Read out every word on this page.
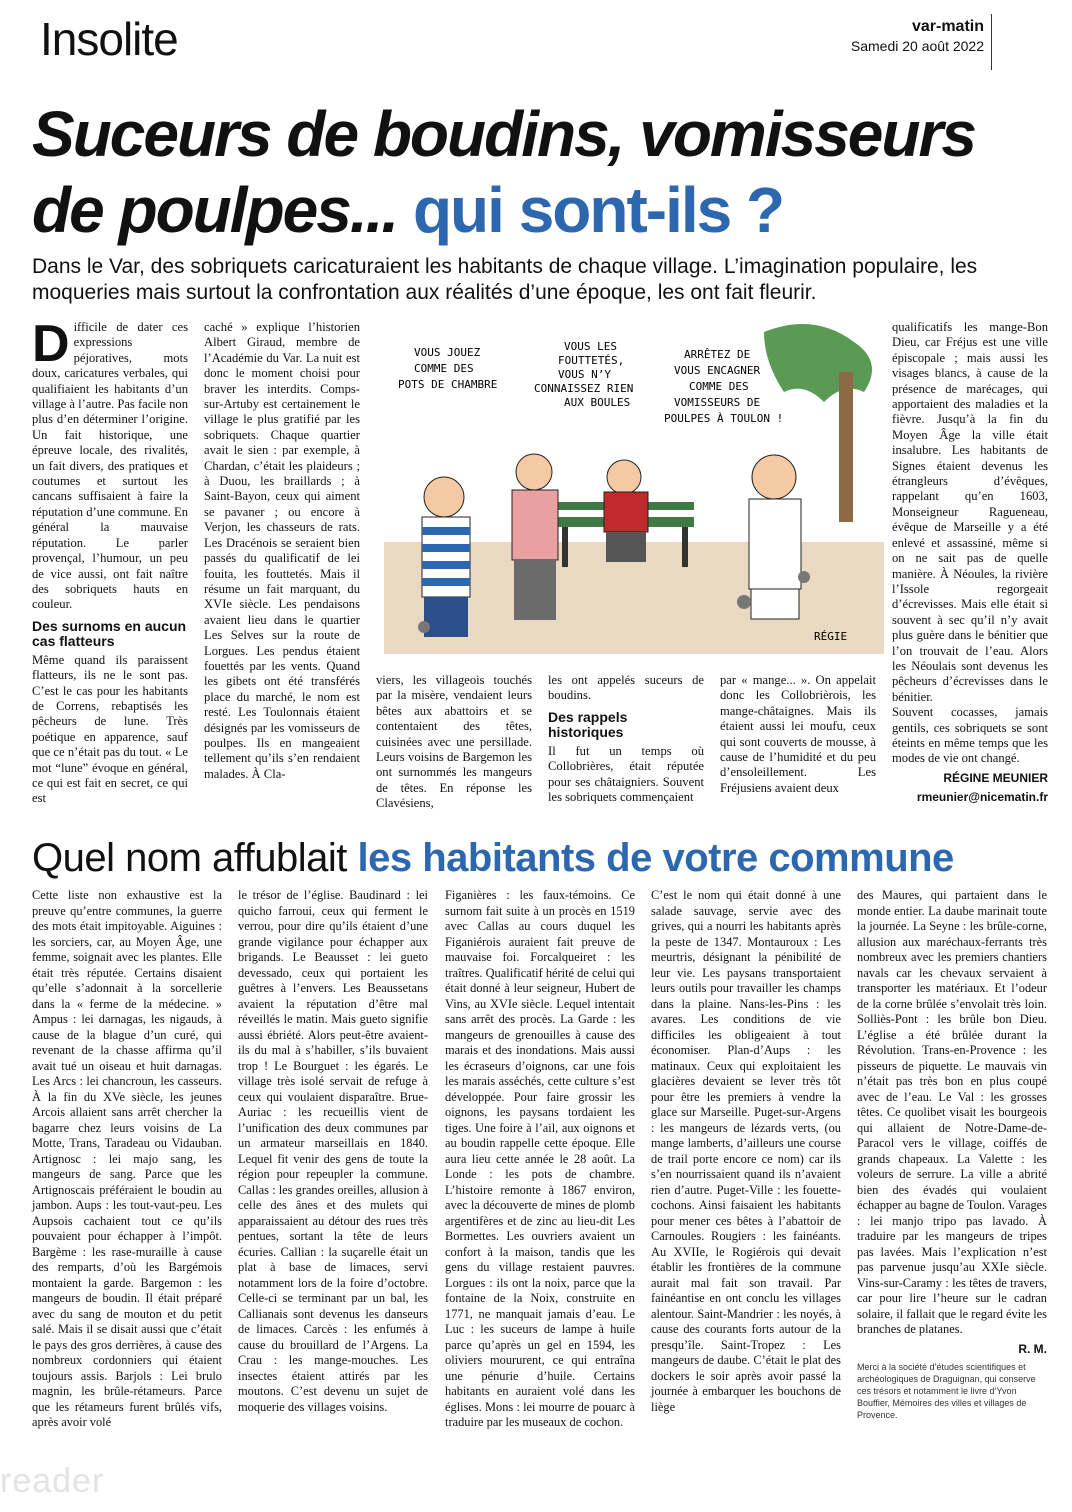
Insolite	var-matin
Samedi 20 août 2022
Suceurs de boudins, vomisseurs de poulpes... qui sont-ils ?
Dans le Var, des sobriquets caricaturaient les habitants de chaque village. L’imagination populaire, les moqueries mais surtout la confrontation aux réalités d’une époque, les ont fait fleurir.

Difficile de dater ces expressions péjoratives, mots doux, caricatures verbales, qui qualifiaient les habitants d’un village à l’autre. Pas facile non plus d’en déterminer l’origine. Un fait historique, une épreuve locale, des rivalités, un fait divers, des pratiques et coutumes et surtout les cancans suffisaient à faire la réputation d’une commune. En général la mauvaise réputation. Le parler provençal, l’humour, un peu de vice aussi, ont fait naître des sobriquets hauts en couleur.

Des surnoms en aucun cas flatteurs

Même quand ils paraissent flatteurs, ils ne le sont pas. C’est le cas pour les habitants de Correns, rebaptisés les pêcheurs de lune. Très poétique en apparence, sauf que ce n’était pas du tout. « Le mot “lune” évoque en général, ce qui est fait en secret, ce qui est

caché » explique l’historien Albert Giraud, membre de l’Académie du Var. La nuit est donc le moment choisi pour braver les interdits. Comps-sur-Artuby est certainement le village le plus gratifié par les sobriquets. Chaque quartier avait le sien : par exemple, à Chardan, c’était les plaideurs ; à Duou, les braillards ; à Saint-Bayon, ceux qui aiment se pavaner ; ou encore à Verjon, les chasseurs de rats. Les Dracénois se seraient bien passés du qualificatif de lei fouita, les fouttetés. Mais il résume un fait marquant, du XVIe siècle. Les pendaisons avaient lieu dans le quartier Les Selves sur la route de Lorgues. Les pendus étaient fouettés par les vents. Quand les gibets ont été transférés place du marché, le nom est resté. Les Toulonnais étaient désignés par les vomisseurs de poulpes. Ils en mangeaient tellement qu’ils s’en rendaient malades. À Cla-

VOUS JOUEZ
COMME DES
POTS DE CHAMBRE
VOUS LES
FOUTTETÉS,
VOUS N’Y
CONNAISSEZ RIEN
AUX BOULES
ARRÊTEZ DE
VOUS ENCAGNER
COMME DES
VOMISSEURS DE
POULPES À TOULON !
RÉGIE

viers, les villageois touchés par la misère, vendaient leurs bêtes aux abattoirs et se contentaient des têtes, cuisinées avec une persillade. Leurs voisins de Bargemon les ont surnommés les mangeurs de têtes. En réponse les Clavésiens,

les ont appelés suceurs de boudins.

Des rappels historiques

Il fut un temps où Collobrières, était réputée pour ses châtaigniers. Souvent les sobriquets commençaient

par « mange... ». On appelait donc les Collobrièrois, les mange-châtaignes. Mais ils étaient aussi lei moufu, ceux qui sont couverts de mousse, à cause de l’humidité et du peu d’ensoleillement. Les Fréjusiens avaient deux

qualificatifs les mange-Bon Dieu, car Fréjus est une ville épiscopale ; mais aussi les visages blancs, à cause de la présence de marécages, qui apportaient des maladies et la fièvre. Jusqu’à la fin du Moyen Âge la ville était insalubre. Les habitants de Signes étaient devenus les étrangleurs d’évêques, rappelant qu’en 1603, Monseigneur Ragueneau, évêque de Marseille y a été enlevé et assassiné, même si on ne sait pas de quelle manière. À Néoules, la rivière l’Issole regorgeait d’écrevisses. Mais elle était si souvent à sec qu’il n’y avait plus guère dans le bénitier que l’on trouvait de l’eau. Alors les Néoulais sont devenus les pêcheurs d’écrevisses dans le bénitier.

Souvent cocasses, jamais gentils, ces sobriquets se sont éteints en même temps que les modes de vie ont changé.

RÉGINE MEUNIER
rmeunier@nicematin.fr
Quel nom affublait les habitants de votre commune

Cette liste non exhaustive est la preuve qu’entre communes, la guerre des mots était impitoyable. Aiguines : les sorciers, car, au Moyen Âge, une femme, soignait avec les plantes. Elle était très réputée. Certains disaient qu’elle s’adonnait à la sorcellerie dans la « ferme de la médecine. » Ampus : lei darnagas, les nigauds, à cause de la blague d’un curé, qui revenant de la chasse affirma qu’il avait tué un oiseau et huit darnagas. Les Arcs : lei chancroun, les casseurs. À la fin du XVe siècle, les jeunes Arcois allaient sans arrêt chercher la bagarre chez leurs voisins de La Motte, Trans, Taradeau ou Vidauban. Artignosc : lei majo sang, les mangeurs de sang. Parce que les Artignoscais préféraient le boudin au jambon. Aups : les tout-vaut-peu. Les Aupsois cachaient tout ce qu’ils pouvaient pour échapper à l’impôt. Bargème : les rase-muraille à cause des remparts, d’où les Bargémois montaient la garde. Bargemon : les mangeurs de boudin. Il était préparé avec du sang de mouton et du petit salé. Mais il se disait aussi que c’était le pays des gros derrières, à cause des nombreux cordonniers qui étaient toujours assis. Barjols : Lei brulo magnin, les brûle-rétameurs. Parce que les rétameurs furent brûlés vifs, après avoir volé

le trésor de l’église. Baudinard : lei quicho farroui, ceux qui ferment le verrou, pour dire qu’ils étaient d’une grande vigilance pour échapper aux brigands. Le Beausset : lei gueto devessado, ceux qui portaient les guêtres à l’envers. Les Beaussetans avaient la réputation d’être mal réveillés le matin. Mais gueto signifie aussi ébriété. Alors peut-être avaient-ils du mal à s’habiller, s’ils buvaient trop ! Le Bourguet : les égarés. Le village très isolé servait de refuge à ceux qui voulaient disparaître. Brue-Auriac : les recueillis vient de l’unification des deux communes par un armateur marseillais en 1840. Lequel fit venir des gens de toute la région pour repeupler la commune. Callas : les grandes oreilles, allusion à celle des ânes et des mulets qui apparaissaient au détour des rues très pentues, sortant la tête de leurs écuries. Callian : la suçarelle était un plat à base de limaces, servi notamment lors de la foire d’octobre. Celle-ci se terminant par un bal, les Callianais sont devenus les danseurs de limaces. Carcès : les enfumés à cause du brouillard de l’Argens. La Crau : les mange-mouches. Les insectes étaient attirés par les moutons. C’est devenu un sujet de moquerie des villages voisins.

Figanières : les faux-témoins. Ce surnom fait suite à un procès en 1519 avec Callas au cours duquel les Figaniérois auraient fait preuve de mauvaise foi. Forcalqueiret : les traîtres. Qualificatif hérité de celui qui était donné à leur seigneur, Hubert de Vins, au XVIe siècle. Lequel intentait sans arrêt des procès. La Garde : les mangeurs de grenouilles à cause des marais et des inondations. Mais aussi les écraseurs d’oignons, car une fois les marais asséchés, cette culture s’est développée. Pour faire grossir les oignons, les paysans tordaient les tiges. Une foire à l’ail, aux oignons et au boudin rappelle cette époque. Elle aura lieu cette année le 28 août. La Londe : les pots de chambre. L’histoire remonte à 1867 environ, avec la découverte de mines de plomb argentifères et de zinc au lieu-dit Les Bormettes. Les ouvriers avaient un confort à la maison, tandis que les gens du village restaient pauvres. Lorgues : ils ont la noix, parce que la fontaine de la Noix, construite en 1771, ne manquait jamais d’eau. Le Luc : les suceurs de lampe à huile parce qu’après un gel en 1594, les oliviers moururent, ce qui entraîna une pénurie d’huile. Certains habitants en auraient volé dans les églises. Mons : lei mourre de pouarc à traduire par les museaux de cochon.

C’est le nom qui était donné à une salade sauvage, servie avec des grives, qui a nourri les habitants après la peste de 1347. Montauroux : Les meurtris, désignant la pénibilité de leur vie. Les paysans transportaient leurs outils pour travailler les champs dans la plaine. Nans-les-Pins : les avares. Les conditions de vie difficiles les obligeaient à tout économiser. Plan-d’Aups : les matinaux. Ceux qui exploitaient les glacières devaient se lever très tôt pour être les premiers à vendre la glace sur Marseille. Puget-sur-Argens : les mangeurs de lézards verts, (ou mange lamberts, d’ailleurs une course de trail porte encore ce nom) car ils s’en nourrissaient quand ils n’avaient rien d’autre. Puget-Ville : les fouette-cochons. Ainsi faisaient les habitants pour mener ces bêtes à l’abattoir de Carnoules. Rougiers : les fainéants. Au XVIIe, le Rogiérois qui devait établir les frontières de la commune aurait mal fait son travail. Par fainéantise en ont conclu les villages alentour. Saint-Mandrier : les noyés, à cause des courants forts autour de la presqu’île. Saint-Tropez : Les mangeurs de daube. C’était le plat des dockers le soir après avoir passé la journée à embarquer les bouchons de liège

des Maures, qui partaient dans le monde entier. La daube marinait toute la journée. La Seyne : les brûle-corne, allusion aux maréchaux-ferrants très nombreux avec les premiers chantiers navals car les chevaux servaient à transporter les matériaux. Et l’odeur de la corne brûlée s’envolait très loin. Solliès-Pont : les brûle bon Dieu. L’église a été brûlée durant la Révolution. Trans-en-Provence : les pisseurs de piquette. Le mauvais vin n’était pas très bon en plus coupé avec de l’eau. Le Val : les grosses têtes. Ce quolibet visait les bourgeois qui allaient de Notre-Dame-de-Paracol vers le village, coiffés de grands chapeaux. La Valette : les voleurs de serrure. La ville a abrité bien des évadés qui voulaient échapper au bagne de Toulon. Varages : lei manjo tripo pas lavado. À traduire par les mangeurs de tripes pas lavées. Mais l’explication n’est pas parvenue jusqu’au XXIe siècle. Vins-sur-Caramy : les têtes de travers, car pour lire l’heure sur le cadran solaire, il fallait que le regard évite les branches de platanes.

R. M.
Merci à la société d’études scientifiques et archéologiques de Draguignan, qui conserve ces trésors et notamment le livre d’Yvon Bouffier, Mémoires des villes et villages de Provence.
reader
